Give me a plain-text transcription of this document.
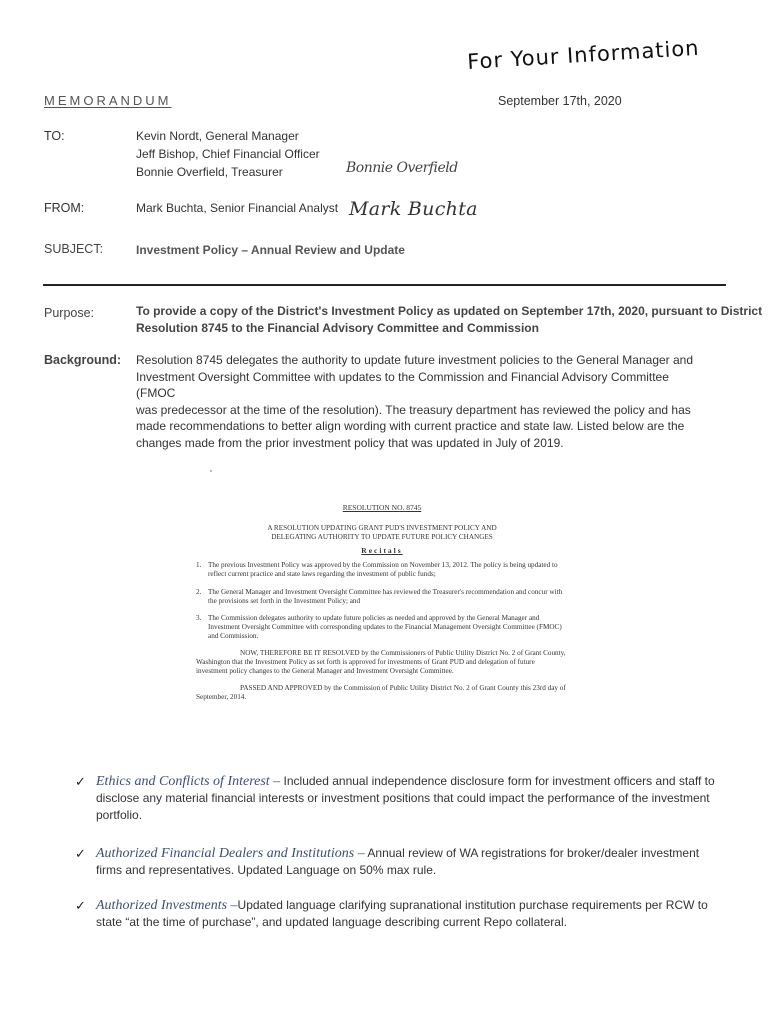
For Your Information
MEMORANDUM	September 17th, 2020
TO:	Kevin Nordt, General Manager
Jeff Bishop, Chief Financial Officer
Bonnie Overfield, Treasurer	Bonnie Overfield
FROM:	Mark Buchta, Senior Financial Analyst Mark Buchta
SUBJECT:	Investment Policy – Annual Review and Update
Purpose:	To provide a copy of the District's Investment Policy as updated on September 17th, 2020, pursuant to District
Resolution 8745 to the Financial Advisory Committee and Commission
Background: Resolution 8745 delegates the authority to update future investment policies to the General Manager and
Investment Oversight Committee with updates to the Commission and Financial Advisory Committee (FMOC
was predecessor at the time of the resolution). The treasury department has reviewed the policy and has
made recommendations to better align wording with current practice and state law. Listed below are the
changes made from the prior investment policy that was updated in July of 2019.
RESOLUTION NO. 8745
A RESOLUTION UPDATING GRANT PUD'S INVESTMENT POLICY AND
DELEGATING AUTHORITY TO UPDATE FUTURE POLICY CHANGES
Recitals
1. The previous Investment Policy was approved by the Commission on November 13, 2012. The policy is being updated to reflect current practice and state laws regarding the investment of public funds;
2. The General Manager and Investment Oversight Committee has reviewed the Treasurer's recommendation and concur with the provisions set forth in the Investment Policy; and
3. The Commission delegates authority to update future policies as needed and approved by the General Manager and Investment Oversight Committee with corresponding updates to the Financial Management Oversight Committee (FMOC) and Commission.
NOW, THEREFORE BE IT RESOLVED by the Commissioners of Public Utility District No. 2 of Grant County, Washington that the Investment Policy as set forth is approved for investments of Grant PUD and delegation of future investment policy changes to the General Manager and Investment Oversight Committee.
PASSED AND APPROVED by the Commission of Public Utility District No. 2 of Grant County this 23rd day of September, 2014.
✓ Ethics and Conflicts of Interest – Included annual independence disclosure form for investment officers and staff to disclose any material financial interests or investment positions that could impact the performance of the investment portfolio.
✓ Authorized Financial Dealers and Institutions – Annual review of WA registrations for broker/dealer investment firms and representatives. Updated Language on 50% max rule.
✓ Authorized Investments –Updated language clarifying supranational institution purchase requirements per RCW to state “at the time of purchase”, and updated language describing current Repo collateral.
